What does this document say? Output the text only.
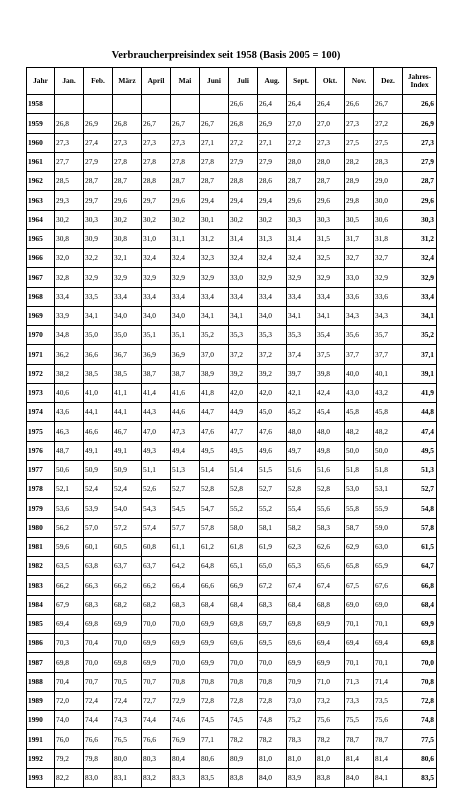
Verbraucherpreisindex seit 1958 (Basis 2005 = 100)
Jahr	Jan.	Feb.	März	April	Mai	Juni	Juli	Aug.	Sept.	Okt.	Nov.	Dez.	Jahres-Index
1958							26,6	26,4	26,4	26,4	26,6	26,7	26,6
1959	26,8	26,9	26,8	26,7	26,7	26,7	26,8	26,9	27,0	27,0	27,3	27,2	26,9
1960	27,3	27,4	27,3	27,3	27,3	27,1	27,2	27,1	27,2	27,3	27,5	27,5	27,3
1961	27,7	27,9	27,8	27,8	27,8	27,8	27,9	27,9	28,0	28,0	28,2	28,3	27,9
1962	28,5	28,7	28,7	28,8	28,7	28,7	28,8	28,6	28,7	28,7	28,9	29,0	28,7
1963	29,3	29,7	29,6	29,7	29,6	29,4	29,4	29,4	29,6	29,6	29,8	30,0	29,6
1964	30,2	30,3	30,2	30,2	30,2	30,1	30,2	30,2	30,3	30,3	30,5	30,6	30,3
1965	30,8	30,9	30,8	31,0	31,1	31,2	31,4	31,3	31,4	31,5	31,7	31,8	31,2
1966	32,0	32,2	32,1	32,4	32,4	32,3	32,4	32,4	32,4	32,5	32,7	32,7	32,4
1967	32,8	32,9	32,9	32,9	32,9	32,9	33,0	32,9	32,9	32,9	33,0	32,9	32,9
1968	33,4	33,5	33,4	33,4	33,4	33,4	33,4	33,4	33,4	33,4	33,6	33,6	33,4
1969	33,9	34,1	34,0	34,0	34,0	34,1	34,1	34,0	34,1	34,1	34,3	34,3	34,1
1970	34,8	35,0	35,0	35,1	35,1	35,2	35,3	35,3	35,3	35,4	35,6	35,7	35,2
1971	36,2	36,6	36,7	36,9	36,9	37,0	37,2	37,2	37,4	37,5	37,7	37,7	37,1
1972	38,2	38,5	38,5	38,7	38,7	38,9	39,2	39,2	39,7	39,8	40,0	40,1	39,1
1973	40,6	41,0	41,1	41,4	41,6	41,8	42,0	42,0	42,1	42,4	43,0	43,2	41,9
1974	43,6	44,1	44,1	44,3	44,6	44,7	44,9	45,0	45,2	45,4	45,8	45,8	44,8
1975	46,3	46,6	46,7	47,0	47,3	47,6	47,7	47,6	48,0	48,0	48,2	48,2	47,4
1976	48,7	49,1	49,1	49,3	49,4	49,5	49,5	49,6	49,7	49,8	50,0	50,0	49,5
1977	50,6	50,9	50,9	51,1	51,3	51,4	51,4	51,5	51,6	51,6	51,8	51,8	51,3
1978	52,1	52,4	52,4	52,6	52,7	52,8	52,8	52,7	52,8	52,8	53,0	53,1	52,7
1979	53,6	53,9	54,0	54,3	54,5	54,7	55,2	55,2	55,4	55,6	55,8	55,9	54,8
1980	56,2	57,0	57,2	57,4	57,7	57,8	58,0	58,1	58,2	58,3	58,7	59,0	57,8
1981	59,6	60,1	60,5	60,8	61,1	61,2	61,8	61,9	62,3	62,6	62,9	63,0	61,5
1982	63,5	63,8	63,7	63,7	64,2	64,8	65,1	65,0	65,3	65,6	65,8	65,9	64,7
1983	66,2	66,3	66,2	66,2	66,4	66,6	66,9	67,2	67,4	67,4	67,5	67,6	66,8
1984	67,9	68,3	68,2	68,2	68,3	68,4	68,4	68,3	68,4	68,8	69,0	69,0	68,4
1985	69,4	69,8	69,9	70,0	70,0	69,9	69,8	69,7	69,8	69,9	70,1	70,1	69,9
1986	70,3	70,4	70,0	69,9	69,9	69,9	69,6	69,5	69,6	69,4	69,4	69,4	69,8
1987	69,8	70,0	69,8	69,9	70,0	69,9	70,0	70,0	69,9	69,9	70,1	70,1	70,0
1988	70,4	70,7	70,5	70,7	70,8	70,8	70,8	70,8	70,9	71,0	71,3	71,4	70,8
1989	72,0	72,4	72,4	72,7	72,9	72,8	72,8	72,8	73,0	73,2	73,3	73,5	72,8
1990	74,0	74,4	74,3	74,4	74,6	74,5	74,5	74,8	75,2	75,6	75,5	75,6	74,8
1991	76,0	76,6	76,5	76,6	76,9	77,1	78,2	78,2	78,3	78,2	78,7	78,7	77,5
1992	79,2	79,8	80,0	80,3	80,4	80,6	80,9	81,0	81,0	81,0	81,4	81,4	80,6
1993	82,2	83,0	83,1	83,2	83,3	83,5	83,8	84,0	83,9	83,8	84,0	84,1	83,5
